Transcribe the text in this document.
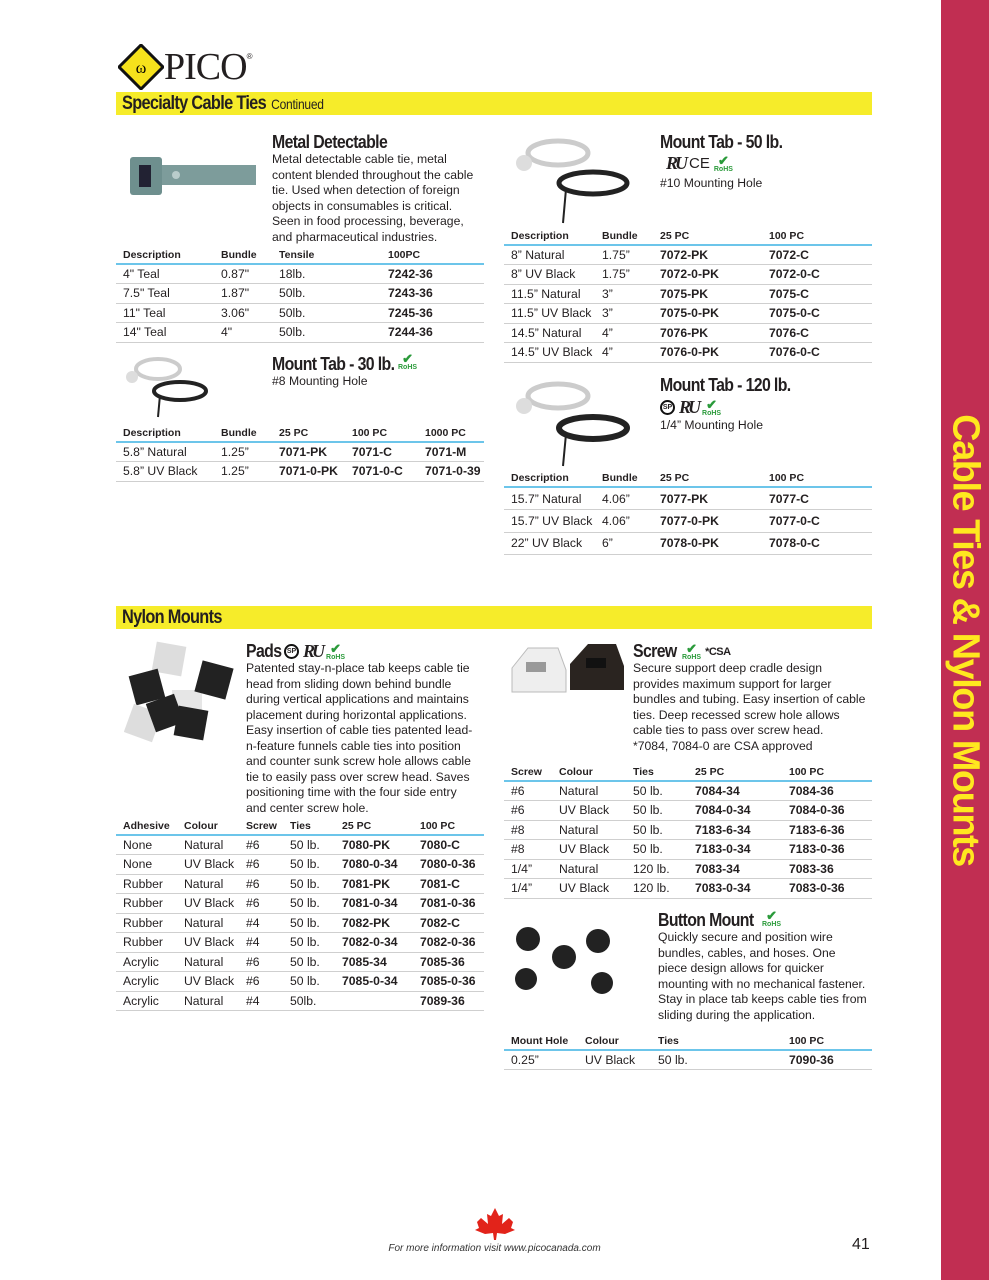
ω PICO ®
Specialty Cable Ties Continued
Nylon Mounts	Cable Ties & Nylon Mounts
Metal Detectable
Metal detectable cable tie, metal content blended throughout the cable tie. Used when detection of foreign objects in consumables is critical. Seen in food processing, beverage, and pharmaceutical industries.
Description	Bundle	Tensile	100PC
4" Teal	0.87"	18lb.	7242-36
7.5" Teal	1.87"	50lb.	7243-36
11" Teal	3.06"	50lb.	7245-36
14" Teal	4"	50lb.	7244-36
Mount Tab - 30 lb. ✔
RoHS
#8 Mounting Hole
Description	Bundle	25 PC	100 PC	1000 PC
5.8” Natural	1.25”	7071-PK	7071-C	7071-M
5.8” UV Black	1.25”	7071-0-PK	7071-0-C	7071-0-39
Mount Tab - 50 lb.
RU CE ✔
RoHS
#10 Mounting Hole
Description	Bundle	25 PC	100 PC
8” Natural	1.75”	7072-PK	7072-C
8” UV Black	1.75”	7072-0-PK	7072-0-C
11.5” Natural	3”	7075-PK	7075-C
11.5” UV Black	3”	7075-0-PK	7075-0-C
14.5” Natural	4”	7076-PK	7076-C
14.5” UV Black	4”	7076-0-PK	7076-0-C
Mount Tab - 120 lb.
SP RU ✔
RoHS
1/4” Mounting Hole
Description	Bundle	25 PC	100 PC
15.7” Natural	4.06”	7077-PK	7077-C
15.7” UV Black	4.06”	7077-0-PK	7077-0-C
22” UV Black	6”	7078-0-PK	7078-0-C
Pads SP RU ✔
RoHS
Patented stay-n-place tab keeps cable tie head from sliding down behind bundle during vertical applications and maintains placement during horizontal applications. Easy insertion of cable ties patented lead-n-feature funnels cable ties into position and counter sunk screw hole allows cable tie to easily pass over screw head. Saves positioning time with the four side entry and center screw hole.
Adhesive	Colour	Screw	Ties	25 PC	100 PC
None	Natural	#6	50 lb.	7080-PK	7080-C
None	UV Black	#6	50 lb.	7080-0-34	7080-0-36
Rubber	Natural	#6	50 lb.	7081-PK	7081-C
Rubber	UV Black	#6	50 lb.	7081-0-34	7081-0-36
Rubber	Natural	#4	50 lb.	7082-PK	7082-C
Rubber	UV Black	#4	50 lb.	7082-0-34	7082-0-36
Acrylic	Natural	#6	50 lb.	7085-34	7085-36
Acrylic	UV Black	#6	50 lb.	7085-0-34	7085-0-36
Acrylic	Natural	#4	50lb.		7089-36
Screw ✔
RoHS *CSA
Secure support deep cradle design provides maximum support for larger bundles and tubing. Easy insertion of cable ties. Deep recessed screw hole allows cable ties to pass over screw head.
*7084, 7084-0 are CSA approved
Screw	Colour	Ties	25 PC	100 PC
#6	Natural	50 lb.	7084-34	7084-36
#6	UV Black	50 lb.	7084-0-34	7084-0-36
#8	Natural	50 lb.	7183-6-34	7183-6-36
#8	UV Black	50 lb.	7183-0-34	7183-0-36
1/4”	Natural	120 lb.	7083-34	7083-36
1/4”	UV Black	120 lb.	7083-0-34	7083-0-36
Button Mount ✔
RoHS
Quickly secure and position wire bundles, cables, and hoses. One piece design allows for quicker mounting with no mechanical fastener. Stay in place tab keeps cable ties from sliding during the application.
Mount Hole	Colour	Ties	100 PC
0.25”	UV Black	50 lb.	7090-36
For more information visit www.picocanada.com	41
